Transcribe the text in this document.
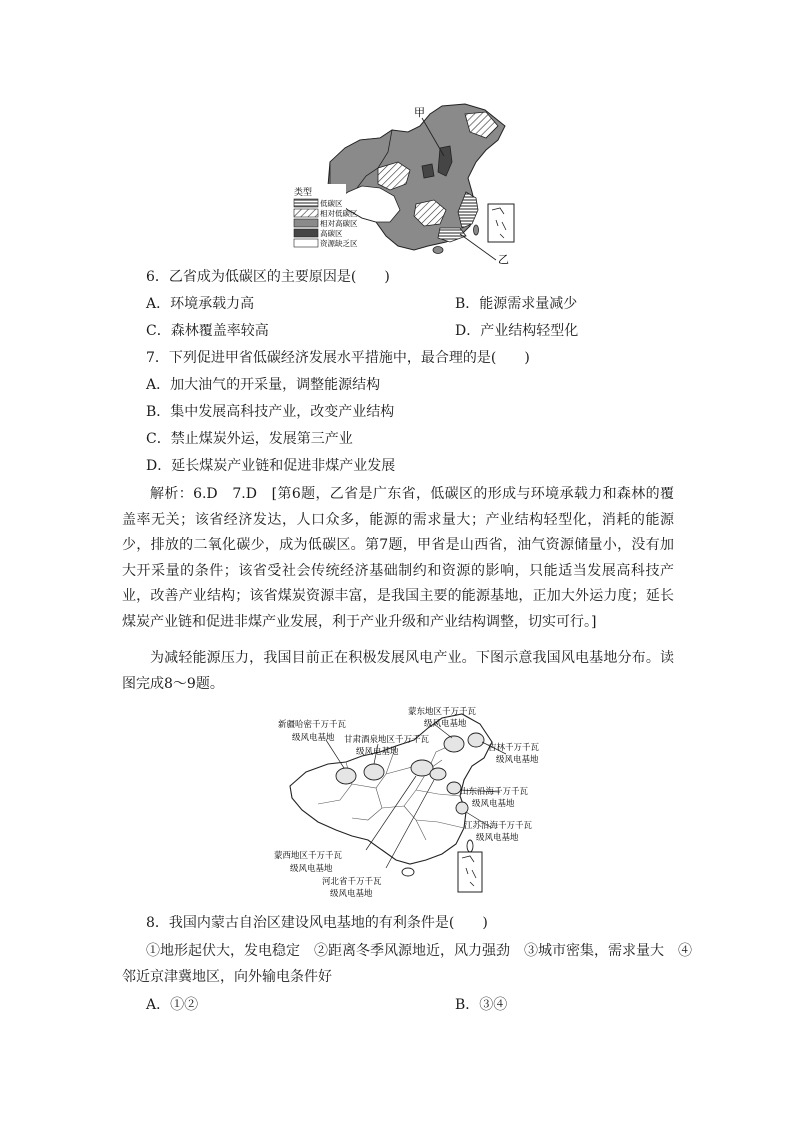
甲
乙
类型
低碳区
相对低碳区
相对高碳区
高碳区
资源缺乏区
6．乙省成为低碳区的主要原因是(　　)
A．环境承载力高	B．能源需求量减少
C．森林覆盖率较高	D．产业结构轻型化
7．下列促进甲省低碳经济发展水平措施中，最合理的是(　　)
A．加大油气的开采量，调整能源结构
B．集中发展高科技产业，改变产业结构
C．禁止煤炭外运，发展第三产业
D．延长煤炭产业链和促进非煤产业发展
解析：6.D　7.D　[第6题，乙省是广东省，低碳区的形成与环境承载力和森林的覆盖率无关；该省经济发达，人口众多，能源的需求量大；产业结构轻型化，消耗的能源少，排放的二氧化碳少，成为低碳区。第7题，甲省是山西省，油气资源储量小，没有加大开采量的条件；该省受社会传统经济基础制约和资源的影响，只能适当发展高科技产业，改善产业结构；该省煤炭资源丰富，是我国主要的能源基地，正加大外运力度；延长煤炭产业链和促进非煤产业发展，利于产业升级和产业结构调整，切实可行。]
为减轻能源压力，我国目前正在积极发展风电产业。下图示意我国风电基地分布。读图完成8～9题。
新疆哈密千万千瓦
级风电基地 甘肃酒泉地区千万千瓦
级风电基地
蒙东地区千万千瓦
级风电基地
吉林千万千瓦
级风电基地
山东沿海千万千瓦
级风电基地
江苏沿海千万千瓦
级风电基地
蒙西地区千万千瓦
级风电基地
河北省千万千瓦
级风电基地
8．我国内蒙古自治区建设风电基地的有利条件是(　　)
①地形起伏大，发电稳定　②距离冬季风源地近，风力强劲　③城市密集，需求量大　④
邻近京津冀地区，向外输电条件好
A．①②	B．③④
